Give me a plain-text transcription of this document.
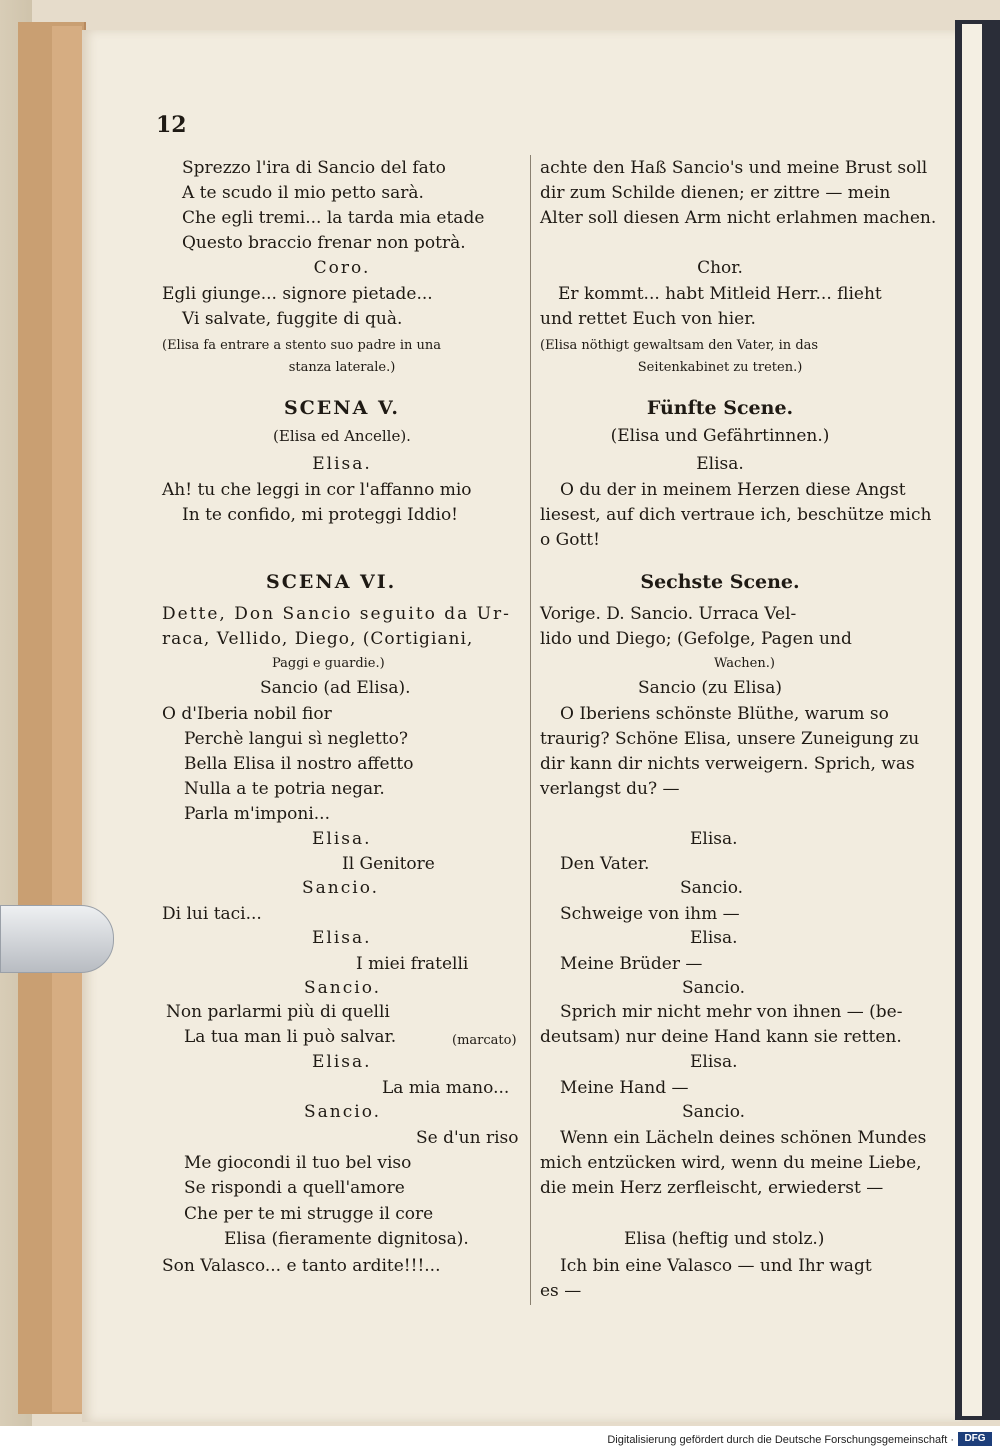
12
Sprezzo l'ira di Sancio del fato
A te scudo il mio petto sarà.
Che egli tremi... la tarda mia etade
Questo braccio frenar non potrà.
Coro.
Egli giunge... signore pietade...
Vi salvate, fuggite di quà.
(Elisa fa entrare a stento suo padre in una
stanza laterale.)
SCENA V.
(Elisa ed Ancelle).
Elisa.
Ah! tu che leggi in cor l'affanno mio
In te confido, mi proteggi Iddio!
SCENA VI.
Dette, Don Sancio seguito da Ur-
raca, Vellido, Diego, (Cortigiani,
Paggi e guardie.)
Sancio (ad Elisa).
O d'Iberia nobil fior
Perchè langui sì negletto?
Bella Elisa il nostro affetto
Nulla a te potria negar.
Parla m'imponi...
Elisa.
Il Genitore
Sancio.
Di lui taci...
Elisa.
I miei fratelli
Sancio.
Non parlarmi più di quelli
La tua man li può salvar.	(marcato)
Elisa.
La mia mano...
Sancio.
Se d'un riso
Me giocondi il tuo bel viso
Se rispondi a quell'amore
Che per te mi strugge il core
Elisa (fieramente dignitosa).
Son Valasco... e tanto ardite!!!...
achte den Haß Sancio's und meine Brust soll
dir zum Schilde dienen; er zittre — mein
Alter soll diesen Arm nicht erlahmen machen.
Chor.
Er kommt... habt Mitleid Herr... flieht
und rettet Euch von hier.
(Elisa nöthigt gewaltsam den Vater, in das
Seitenkabinet zu treten.)
Fünfte Scene.
(Elisa und Gefährtinnen.)
Elisa.
O du der in meinem Herzen diese Angst
liesest, auf dich vertraue ich, beschütze mich
o Gott!
Sechste Scene.
Vorige. D. Sancio. Urraca Vel-
lido und Diego; (Gefolge, Pagen und
Wachen.)
Sancio (zu Elisa)
O Iberiens schönste Blüthe, warum so
traurig? Schöne Elisa, unsere Zuneigung zu
dir kann dir nichts verweigern. Sprich, was
verlangst du? —
Elisa.
Den Vater.
Sancio.
Schweige von ihm —
Elisa.
Meine Brüder —
Sancio.
Sprich mir nicht mehr von ihnen — (be-
deutsam) nur deine Hand kann sie retten.
Elisa.
Meine Hand —
Sancio.
Wenn ein Lächeln deines schönen Mundes
mich entzücken wird, wenn du meine Liebe,
die mein Herz zerfleischt, erwiederst —
Elisa (heftig und stolz.)
Ich bin eine Valasco — und Ihr wagt
es —
Digitalisierung gefördert durch die Deutsche Forschungsgemeinschaft ·	DFG
